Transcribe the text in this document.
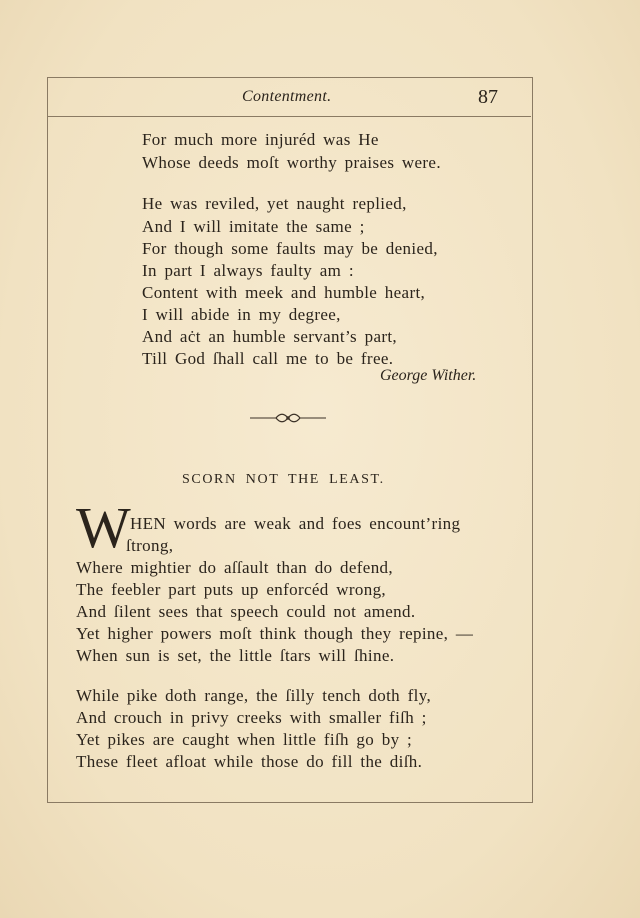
Contentment.	87
For much more injuréd was He
Whose deeds moſt worthy praises were.
He was reviled, yet naught replied,
And I will imitate the same ;
For though some faults may be denied,
In part I always faulty am :
Content with meek and humble heart,
I will abide in my degree,
And aċt an humble servant’s part,
Till God ſhall call me to be free.
George Wither.
SCORN NOT THE LEAST.
W HEN words are weak and foes encount’ring
ſtrong,
Where mightier do aſſault than do defend,
The feebler part puts up enforcéd wrong,
And ſilent sees that speech could not amend.
Yet higher powers moſt think though they repine, —
When sun is set, the little ſtars will ſhine.
While pike doth range, the ſilly tench doth fly,
And crouch in privy creeks with smaller fiſh ;
Yet pikes are caught when little fiſh go by ;
These fleet afloat while those do fill the diſh.
